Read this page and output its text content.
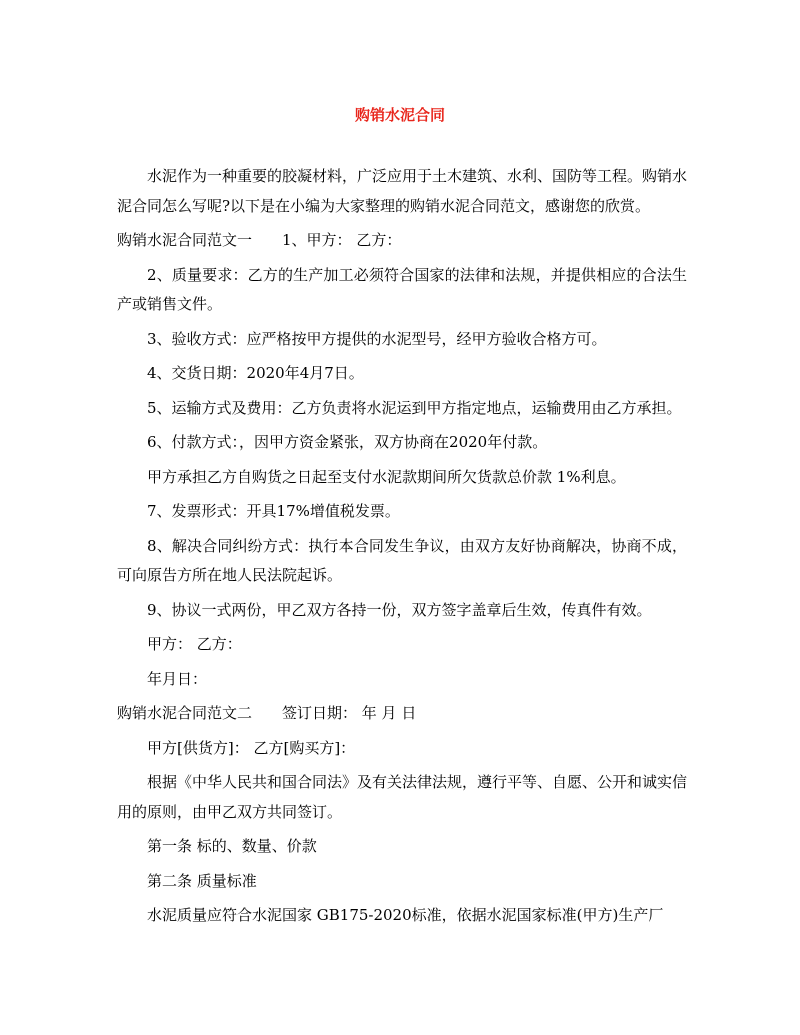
购销水泥合同

水泥作为一种重要的胶凝材料，广泛应用于土木建筑、水利、国防等工程。购销水泥合同怎么写呢?以下是在小编为大家整理的购销水泥合同范文，感谢您的欣赏。

购销水泥合同范文一 1、甲方： 乙方：

2、质量要求：乙方的生产加工必须符合国家的法律和法规，并提供相应的合法生产或销售文件。

3、验收方式：应严格按甲方提供的水泥型号，经甲方验收合格方可。

4、交货日期：2020年4月7日。

5、运输方式及费用：乙方负责将水泥运到甲方指定地点，运输费用由乙方承担。

6、付款方式：，因甲方资金紧张，双方协商在2020年付款。

甲方承担乙方自购货之日起至支付水泥款期间所欠货款总价款 1%利息。

7、发票形式：开具17%增值税发票。

8、解决合同纠纷方式：执行本合同发生争议，由双方友好协商解决，协商不成，可向原告方所在地人民法院起诉。

9、协议一式两份，甲乙双方各持一份，双方签字盖章后生效，传真件有效。

甲方： 乙方：

年月日：

购销水泥合同范文二 签订日期： 年 月 日

甲方[供货方]： 乙方[购买方]：

根据《中华人民共和国合同法》及有关法律法规，遵行平等、自愿、公开和诚实信用的原则，由甲乙双方共同签订。

第一条 标的、数量、价款

第二条 质量标准

水泥质量应符合水泥国家 GB175-2020标准，依据水泥国家标准(甲方)生产厂
